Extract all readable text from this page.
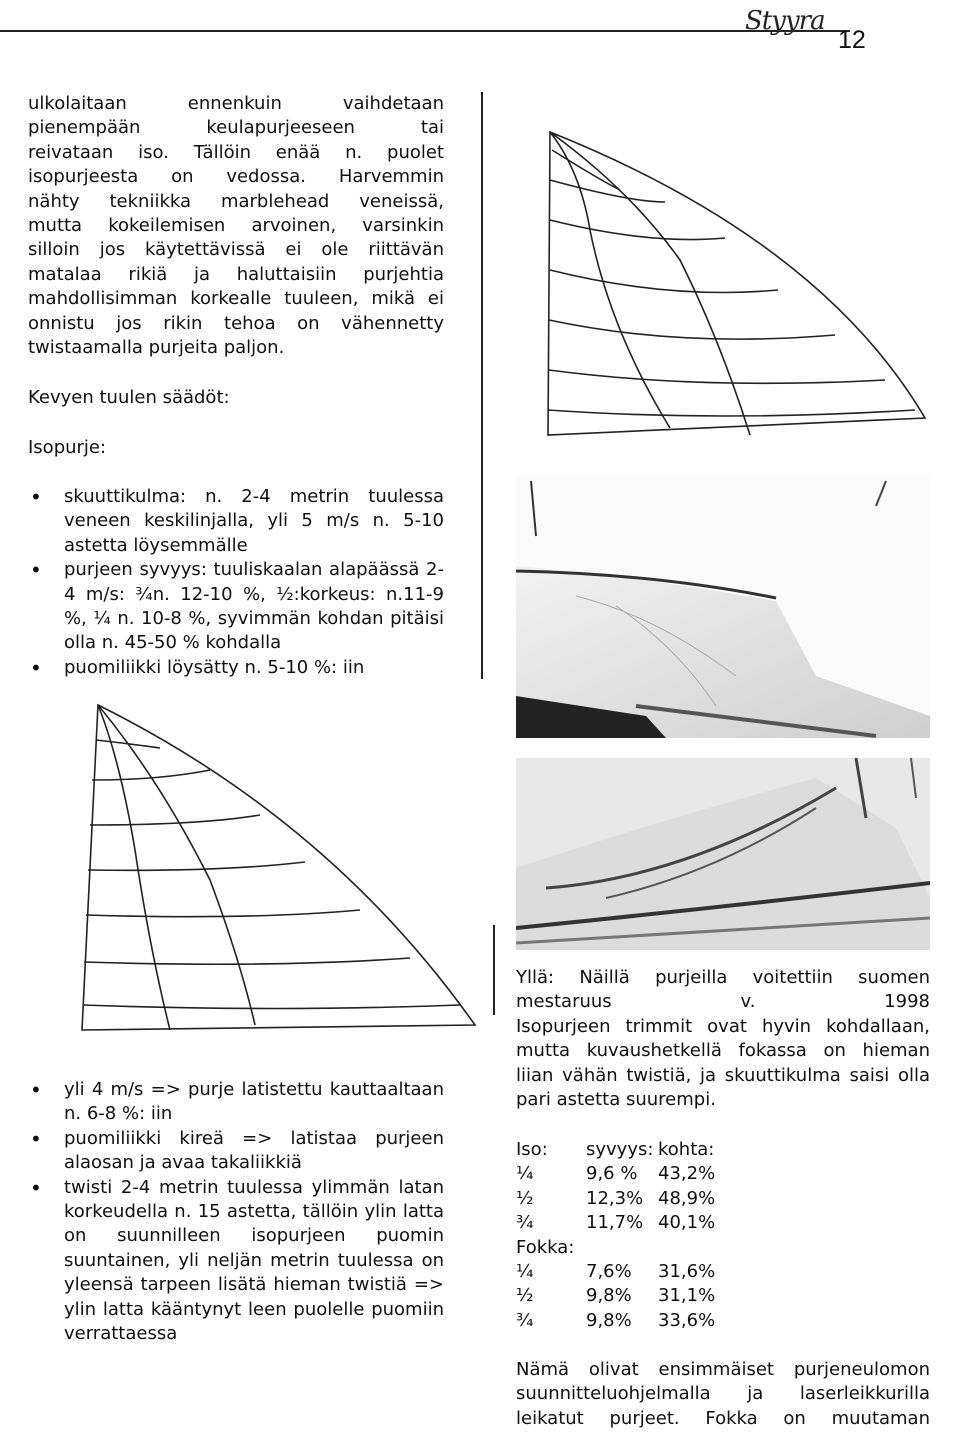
Styyra
12
ulkolaitaan ennenkuin vaihdetaan
pienempään keulapurjeeseen tai
reivataan iso. Tällöin enää n. puolet
isopurjeesta on vedossa. Harvemmin
nähty tekniikka marblehead veneissä,
mutta kokeilemisen arvoinen, varsinkin
silloin jos käytettävissä ei ole riittävän
matalaa rikiä ja haluttaisiin purjehtia
mahdollisimman korkealle tuuleen, mikä ei
onnistu jos rikin tehoa on vähennetty
twistaamalla purjeita paljon.
Kevyen tuulen säädöt:
Isopurje:
• skuuttikulma: n. 2-4 metrin tuulessa veneen keskilinjalla, yli 5 m/s n. 5-10 astetta löysemmälle
• purjeen syvyys: tuuliskaalan alapäässä 2-4 m/s: ¾n. 12-10 %, ½:korkeus: n.11-9 %, ¼ n. 10-8 %, syvimmän kohdan pitäisi olla n. 45-50 % kohdalla
• puomiliikki löysätty n. 5-10 %: iin
• yli 4 m/s => purje latistettu kauttaaltaan n. 6-8 %: iin
• puomiliikki kireä => latistaa purjeen alaosan ja avaa takaliikkiä
• twisti 2-4 metrin tuulessa ylimmän latan korkeudella n. 15 astetta, tällöin ylin latta on suunnilleen isopurjeen puomin suuntainen, yli neljän metrin tuulessa on yleensä tarpeen lisätä hieman twistiä => ylin latta kääntynyt leen puolelle puomiin verrattaessa
Yllä: Näillä purjeilla voitettiin suomen
mestaruus v. 1998
Isopurjeen trimmit ovat hyvin kohdallaan,
mutta kuvaushetkellä fokassa on hieman
liian vähän twistiä, ja skuuttikulma saisi olla
pari astetta suurempi.
Iso:	syvyys: kohta:
¼	9,6 %	43,2%
½	12,3% 48,9%
¾	11,7% 40,1%
Fokka:
¼	7,6%	31,6%
½	9,8%	31,1%
¾	9,8%	33,6%
Nämä olivat ensimmäiset purjeneulomon
suunnitteluohjelmalla ja laserleikkurilla
leikatut purjeet. Fokka on muutaman
